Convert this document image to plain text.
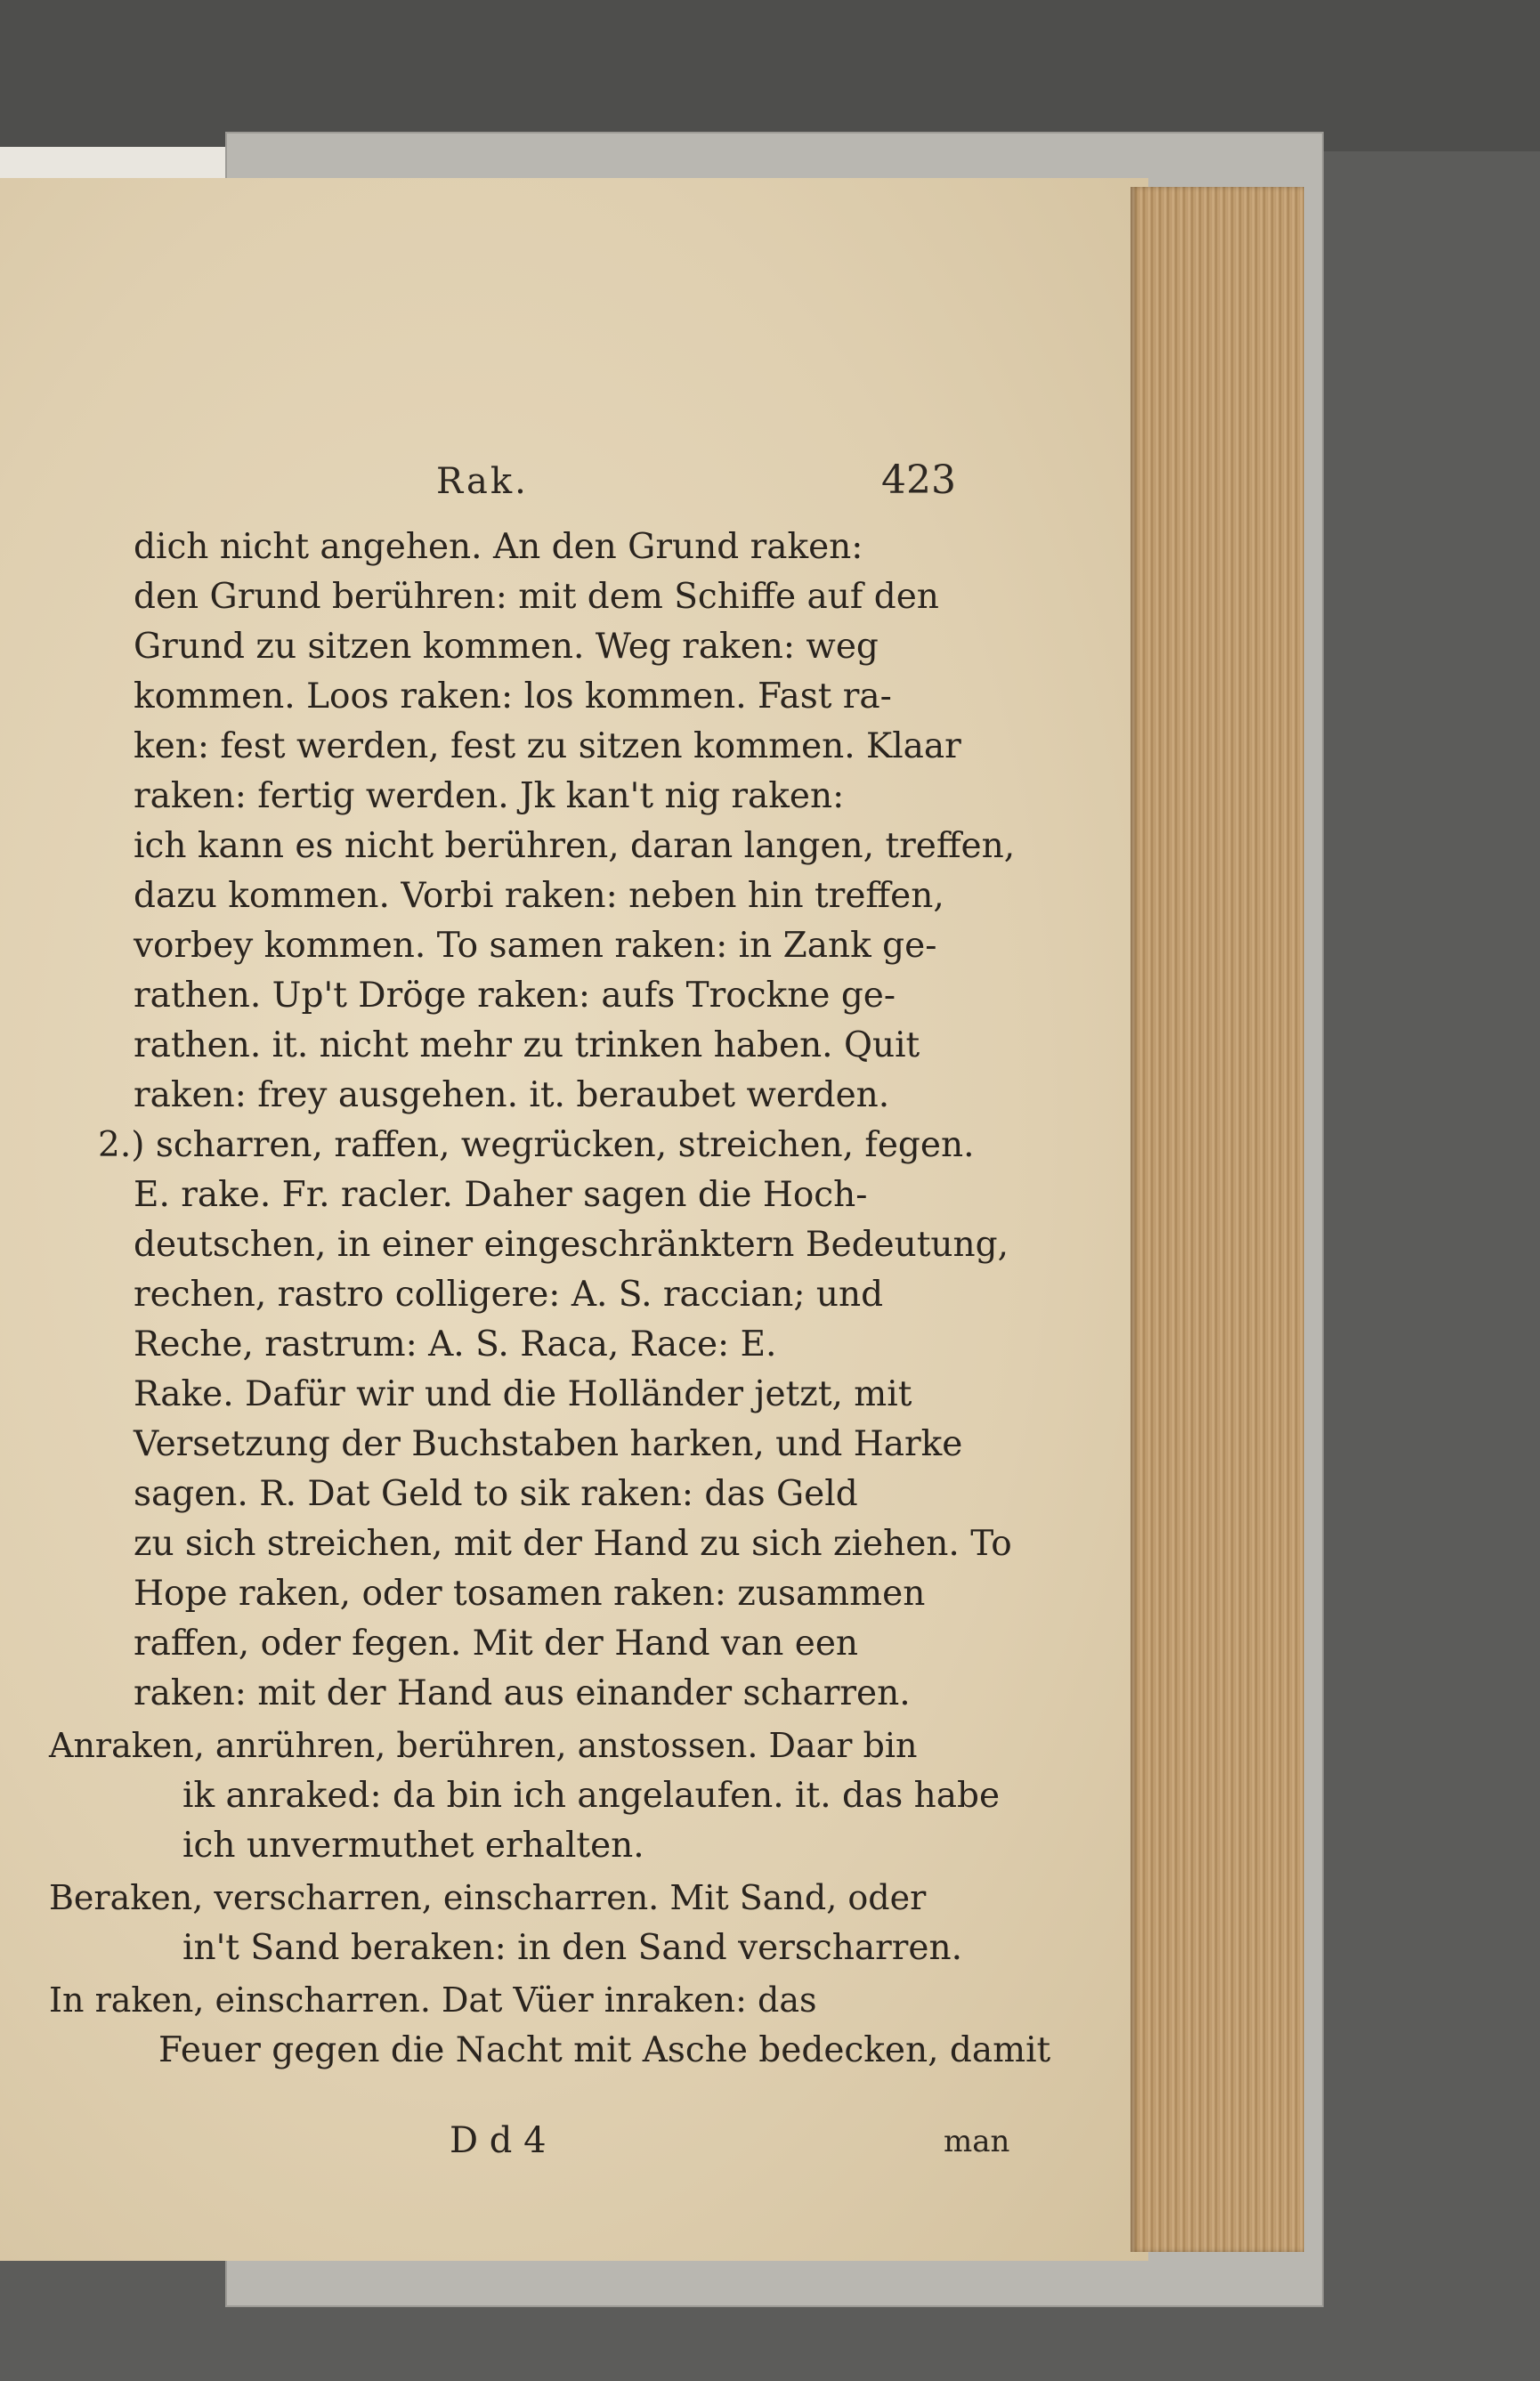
Rak.	423
dich nicht angehen. An den Grund raken:
den Grund berühren: mit dem Schiffe auf den
Grund zu sitzen kommen. Weg raken: weg
kommen. Loos raken: los kommen. Fast ra-
ken: fest werden, fest zu sitzen kommen. Klaar
raken: fertig werden. Jk kan't nig raken:
ich kann es nicht berühren, daran langen, treffen,
dazu kommen. Vorbi raken: neben hin treffen,
vorbey kommen. To samen raken: in Zank ge-
rathen. Up't Dröge raken: aufs Trockne ge-
rathen. it. nicht mehr zu trinken haben. Quit
raken: frey ausgehen. it. beraubet werden.
2.) scharren, raffen, wegrücken, streichen, fegen.
E. rake. Fr. racler. Daher sagen die Hoch-
deutschen, in einer eingeschränktern Bedeutung,
rechen, rastro colligere: A. S. raccian; und
Reche, rastrum: A. S. Raca, Race: E.
Rake. Dafür wir und die Holländer jetzt, mit
Versetzung der Buchstaben harken, und Harke
sagen. R. Dat Geld to sik raken: das Geld
zu sich streichen, mit der Hand zu sich ziehen. To
Hope raken, oder tosamen raken: zusammen
raffen, oder fegen. Mit der Hand van een
raken: mit der Hand aus einander scharren.
Anraken, anrühren, berühren, anstossen. Daar bin
ik anraked: da bin ich angelaufen. it. das habe
ich unvermuthet erhalten.
Beraken, verscharren, einscharren. Mit Sand, oder
in't Sand beraken: in den Sand verscharren.
In raken, einscharren. Dat Vüer inraken: das
Feuer gegen die Nacht mit Asche bedecken, damit
D d 4	man
